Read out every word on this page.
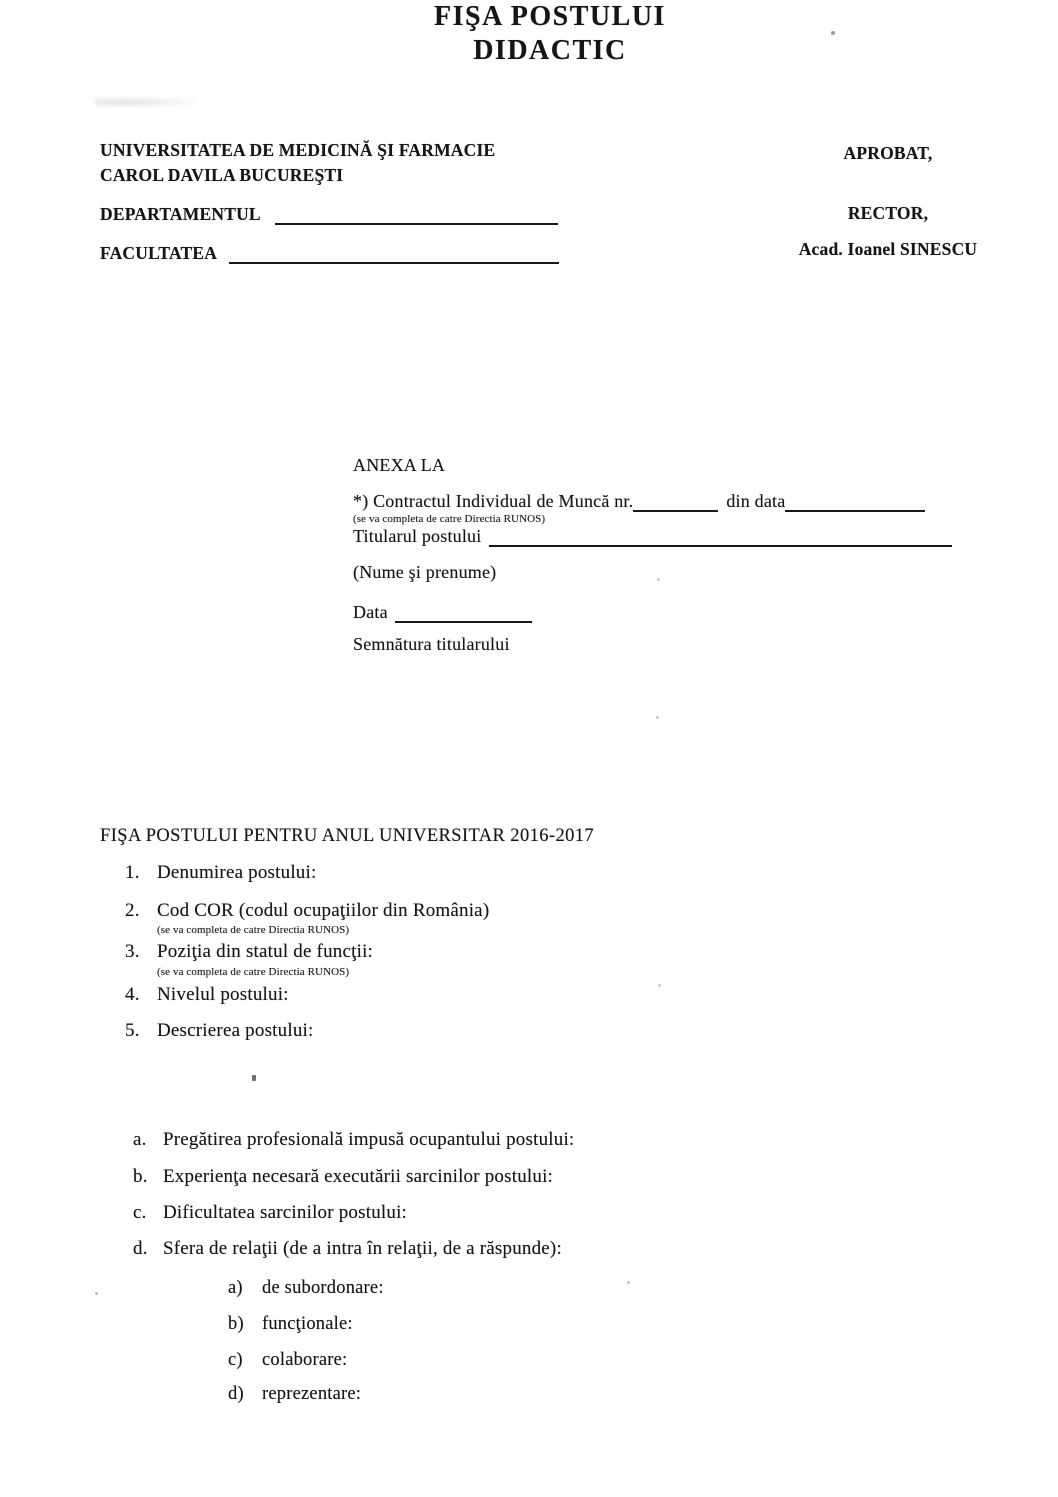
FIŞA POSTULUI
DIDACTIC
UNIVERSITATEA DE MEDICINĂ ŞI FARMACIE
CAROL DAVILA BUCUREŞTI
DEPARTAMENTUL
FACULTATEA
APROBAT,
RECTOR,
Acad. Ioanel SINESCU
ANEXA LA
*) Contractul Individual de Muncă nr.	din data
(se va completa de catre Directia RUNOS)
Titularul postului
(Nume şi prenume)
Data
Semnătura titularului
FIŞA POSTULUI PENTRU ANUL UNIVERSITAR 2016-2017
1. Denumirea postului:
2. Cod COR (codul ocupaţiilor din România)
(se va completa de catre Directia RUNOS)
3. Poziţia din statul de funcţii:
(se va completa de catre Directia RUNOS)
4. Nivelul postului:
5. Descrierea postului:
a. Pregătirea profesională impusă ocupantului postului:
b. Experienţa necesară executării sarcinilor postului:
c. Dificultatea sarcinilor postului:
d. Sfera de relaţii (de a intra în relaţii, de a răspunde):
a)	de subordonare:
b) funcţionale:
c)	colaborare:
d) reprezentare:
